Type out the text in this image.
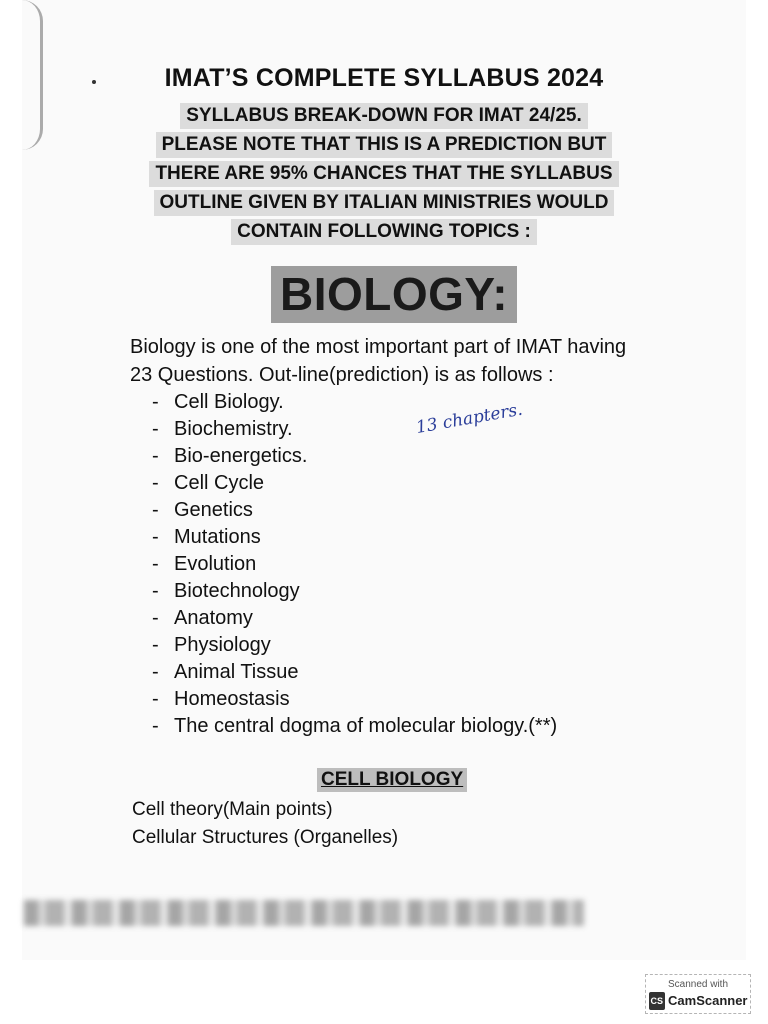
IMAT’S COMPLETE SYLLABUS 2024
SYLLABUS BREAK-DOWN FOR IMAT 24/25.
PLEASE NOTE THAT THIS IS A PREDICTION BUT
THERE ARE 95% CHANCES THAT THE SYLLABUS
OUTLINE GIVEN BY ITALIAN MINISTRIES WOULD
CONTAIN FOLLOWING TOPICS :
BIOLOGY:
Biology is one of the most important part of IMAT having
23 Questions. Out-line(prediction) is as follows :
- Cell Biology.
- Biochemistry.
- Bio-energetics.
- Cell Cycle
- Genetics
- Mutations
- Evolution
- Biotechnology
- Anatomy
- Physiology
- Animal Tissue
- Homeostasis
- The central dogma of molecular biology.(**)
13 chapters.
CELL BIOLOGY
Cell theory(Main points)
Cellular Structures (Organelles)
Scanned with
CS CamScanner
